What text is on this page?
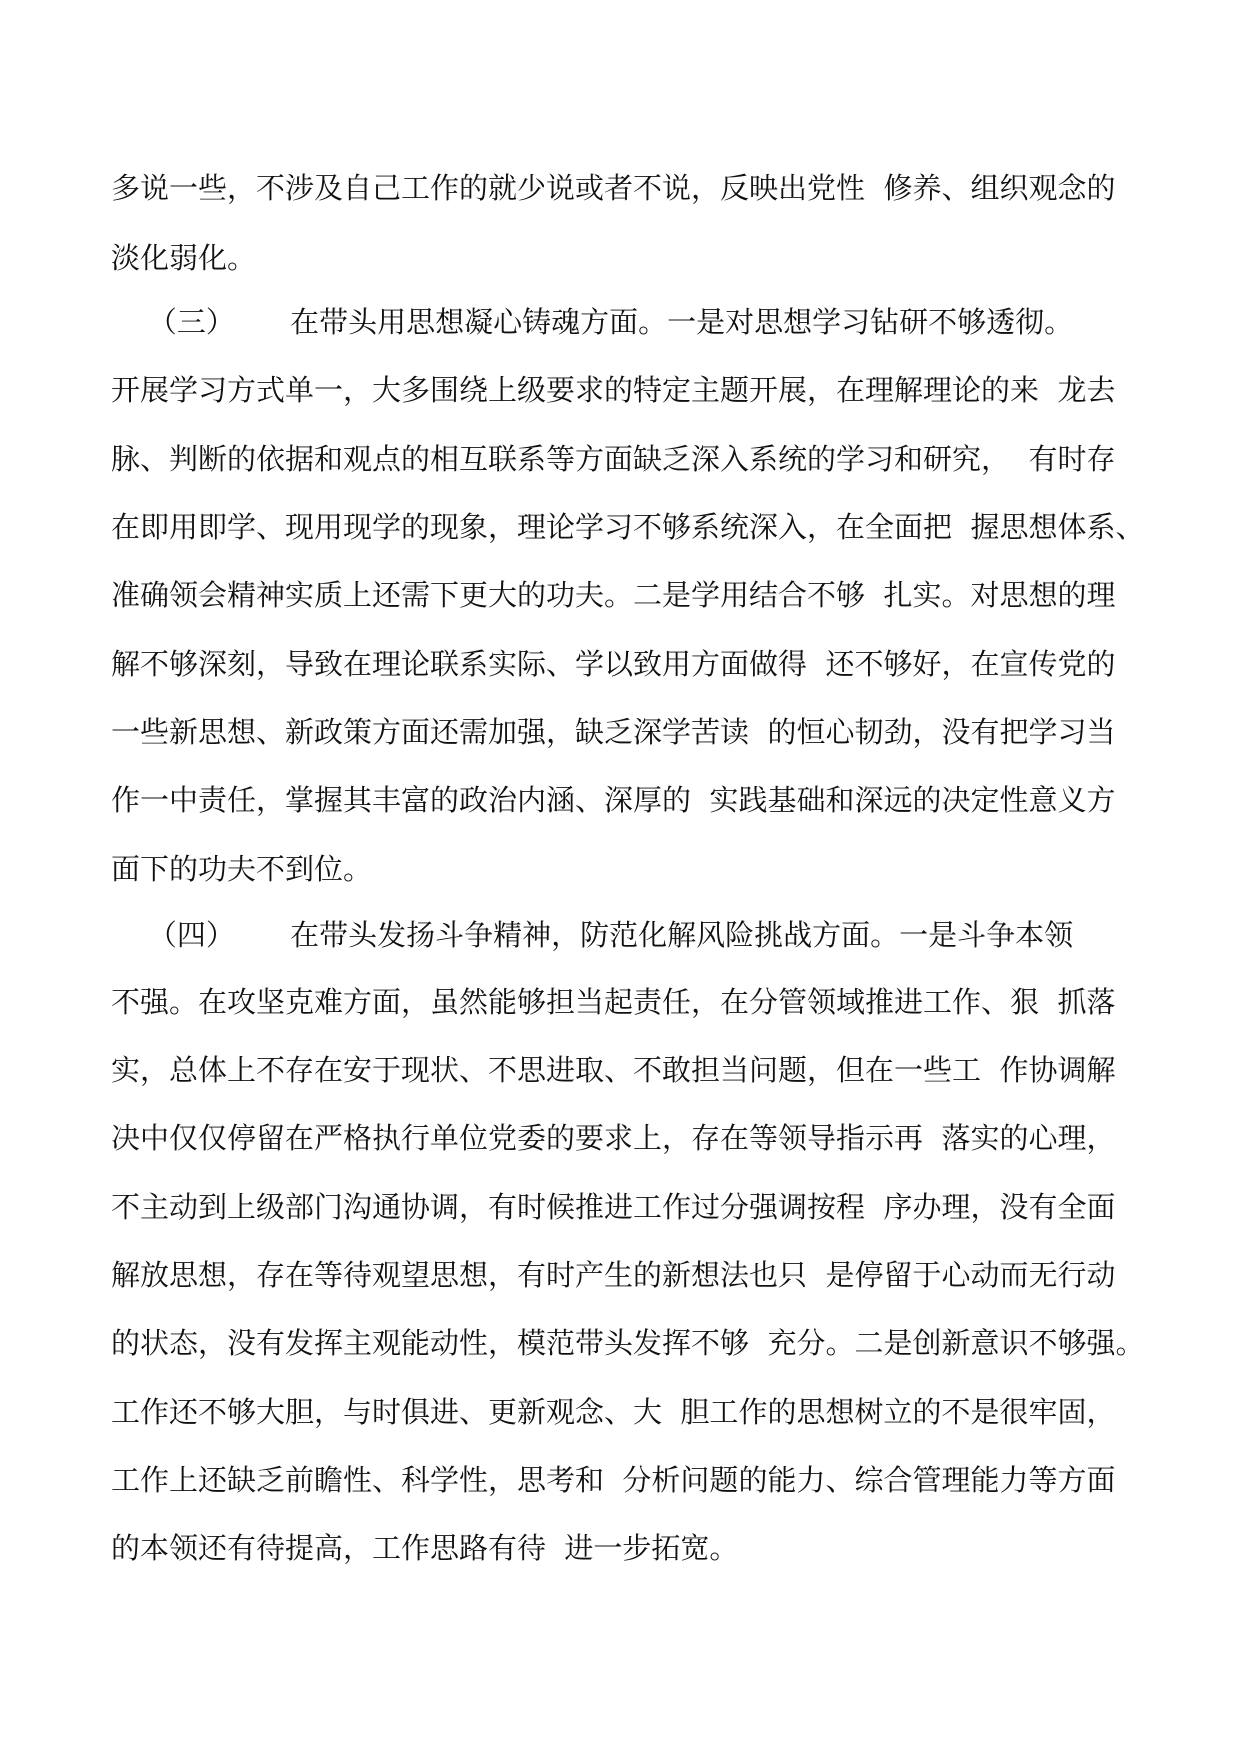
多说一些，不涉及自己工作的就少说或者不说，反映出党性  修养、组织观念的

淡化弱化。

（三）      在带头用思想凝心铸魂方面。一是对思想学习钻研不够透彻。

开展学习方式单一，大多围绕上级要求的特定主题开展，在理解理论的来  龙去

脉、判断的依据和观点的相互联系等方面缺乏深入系统的学习和研究，  有时存

在即用即学、现用现学的现象，理论学习不够系统深入，在全面把  握思想体系、

准确领会精神实质上还需下更大的功夫。二是学用结合不够  扎实。对思想的理

解不够深刻，导致在理论联系实际、学以致用方面做得  还不够好，在宣传党的

一些新思想、新政策方面还需加强，缺乏深学苦读  的恒心韧劲，没有把学习当

作一中责任，掌握其丰富的政治内涵、深厚的  实践基础和深远的决定性意义方

面下的功夫不到位。

（四）      在带头发扬斗争精神，防范化解风险挑战方面。一是斗争本领

不强。在攻坚克难方面，虽然能够担当起责任，在分管领域推进工作、狠  抓落

实，总体上不存在安于现状、不思进取、不敢担当问题，但在一些工  作协调解

决中仅仅停留在严格执行单位党委的要求上，存在等领导指示再  落实的心理，

不主动到上级部门沟通协调，有时候推进工作过分强调按程  序办理，没有全面

解放思想，存在等待观望思想，有时产生的新想法也只  是停留于心动而无行动

的状态，没有发挥主观能动性，模范带头发挥不够  充分。二是创新意识不够强。

工作还不够大胆，与时俱进、更新观念、大  胆工作的思想树立的不是很牢固，

工作上还缺乏前瞻性、科学性，思考和  分析问题的能力、综合管理能力等方面

的本领还有待提高，工作思路有待  进一步拓宽。
